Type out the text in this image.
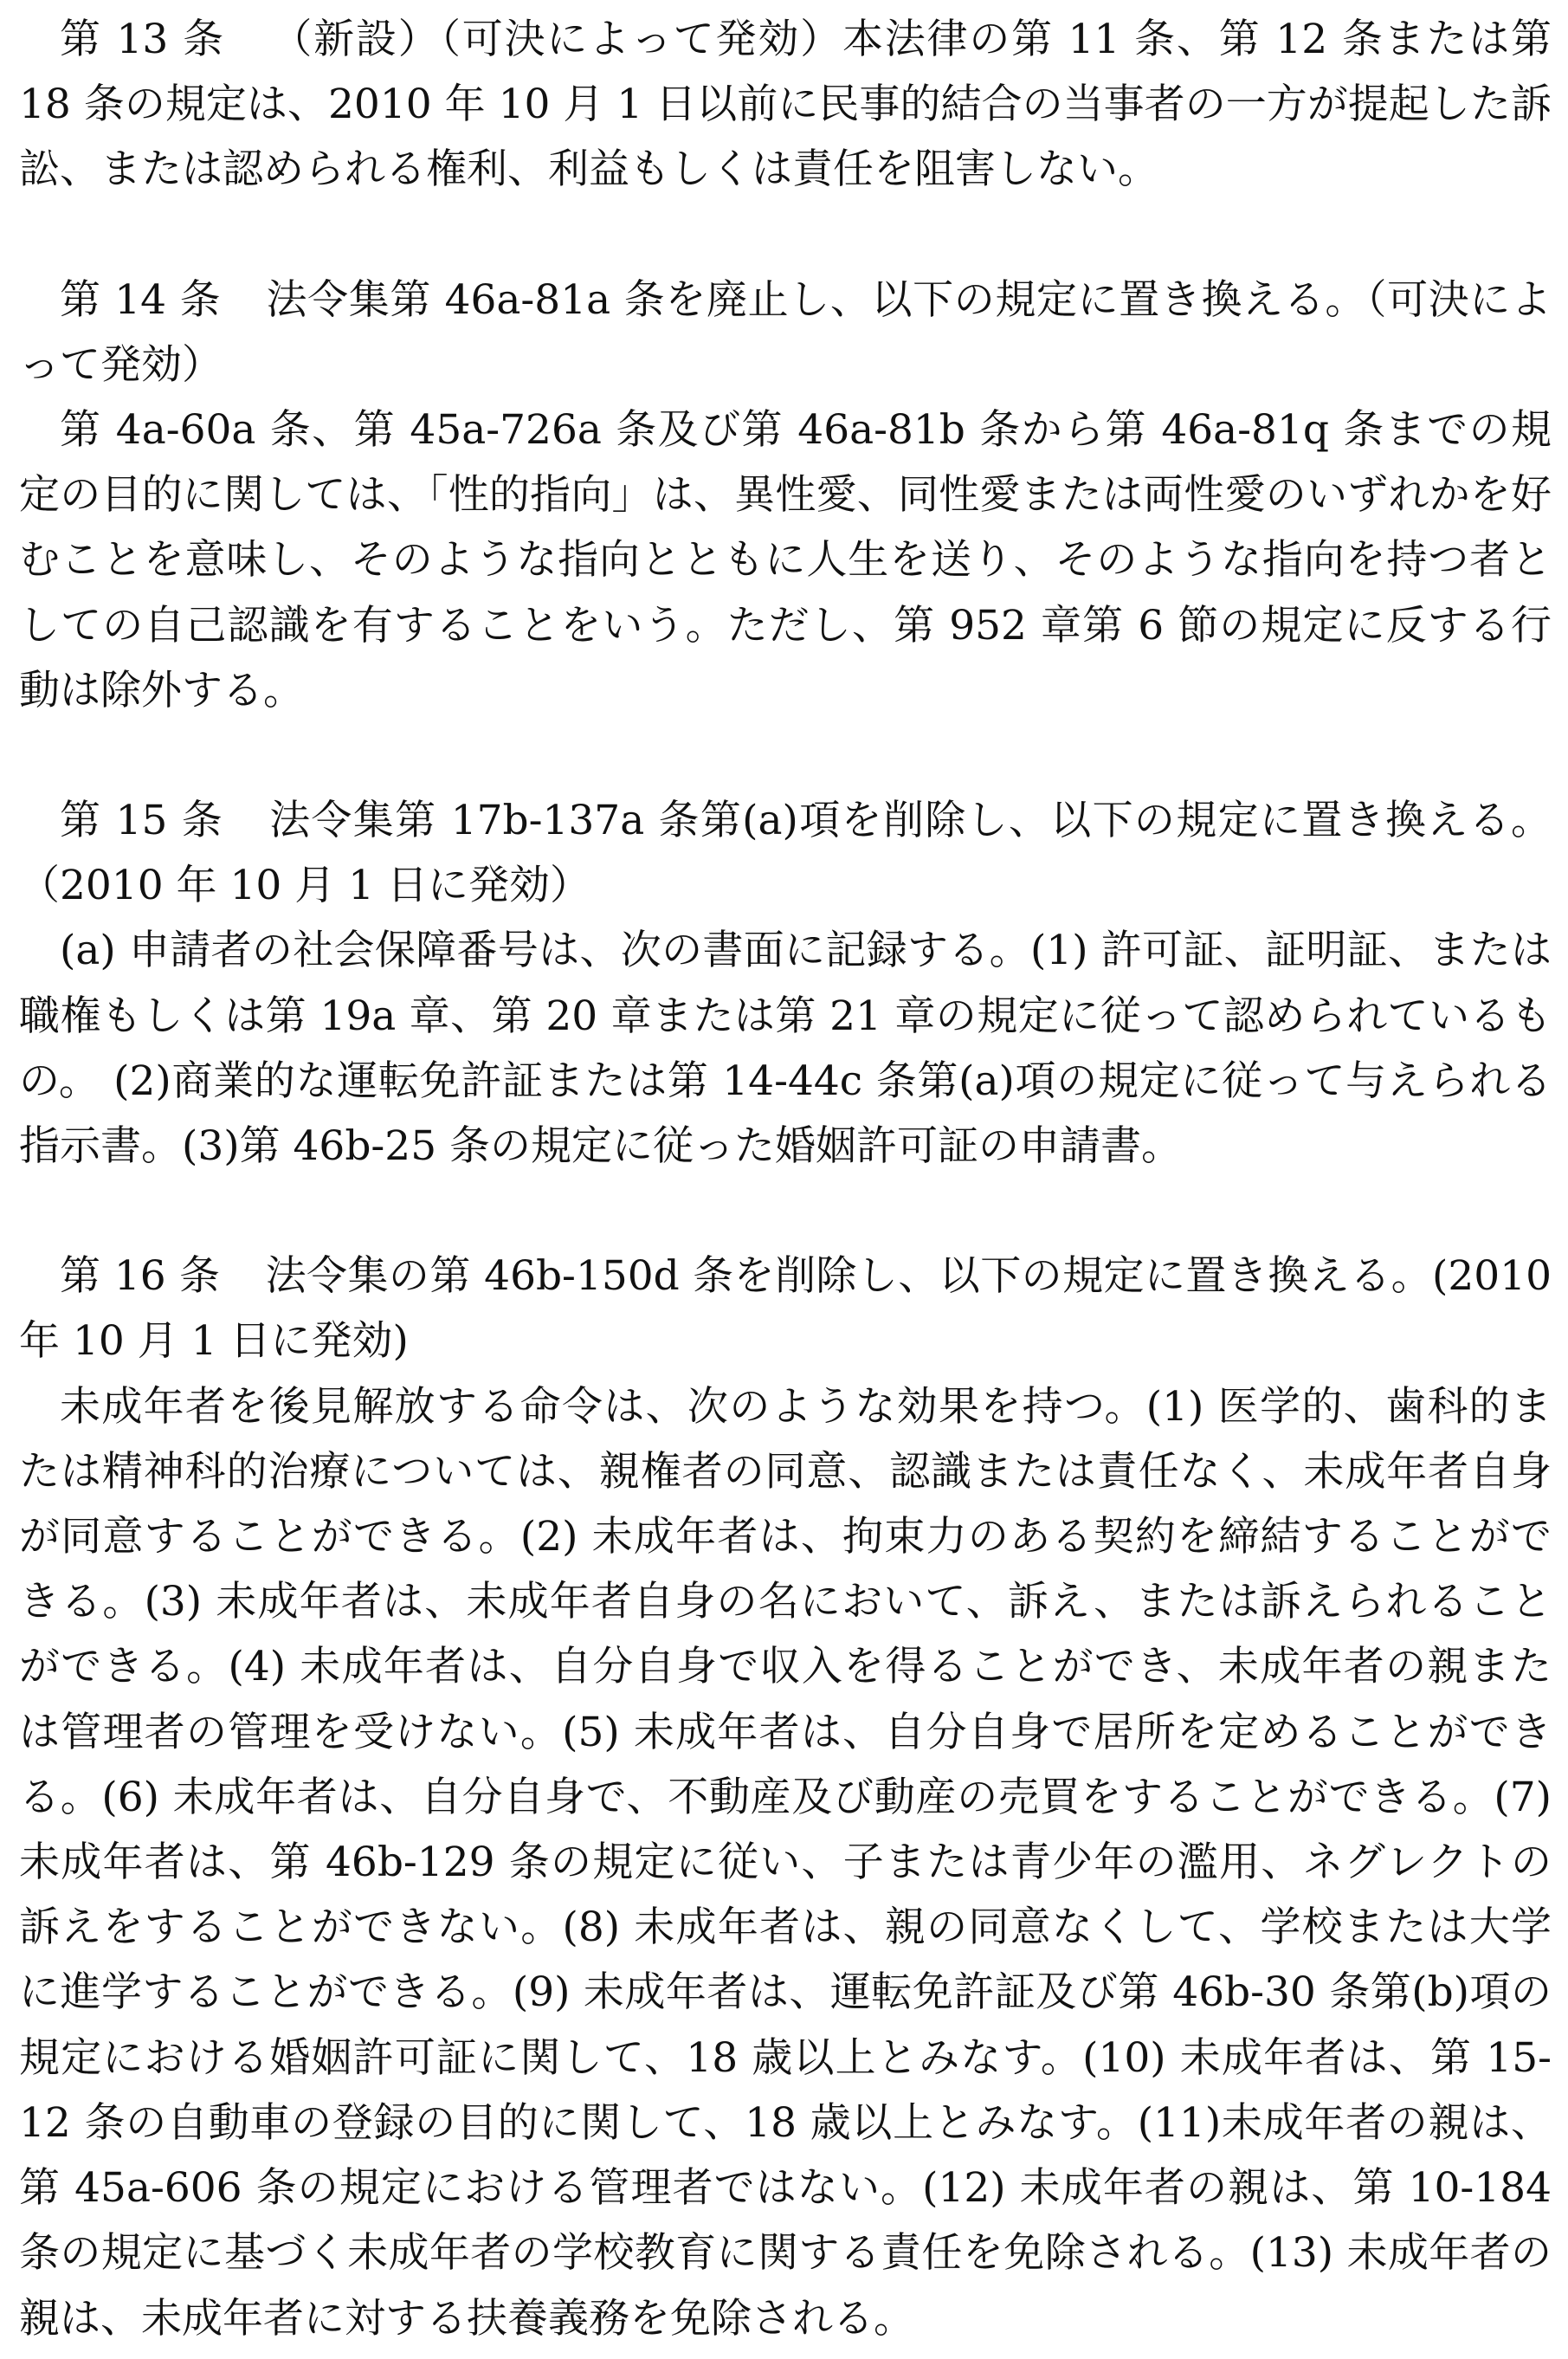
第 13 条 （新設）（可決によって発効）本法律の第 11 条、第 12 条または第 18 条の規定は、2010 年 10 月 1 日以前に民事的結合の当事者の一方が提起した訴訟、または認められる権利、利益もしくは責任を阻害しない。

第 14 条 法令集第 46a-81a 条を廃止し、以下の規定に置き換える。（可決によって発効）

第 4a-60a 条、第 45a-726a 条及び第 46a-81b 条から第 46a-81q 条までの規定の目的に関しては、「性的指向」は、異性愛、同性愛または両性愛のいずれかを好むことを意味し、そのような指向とともに人生を送り、そのような指向を持つ者としての自己認識を有することをいう。ただし、第 952 章第 6 節の規定に反する行動は除外する。

第 15 条 法令集第 17b-137a 条第(a)項を削除し、以下の規定に置き換える。（2010 年 10 月 1 日に発効）

(a) 申請者の社会保障番号は、次の書面に記録する。(1) 許可証、証明証、または職権もしくは第 19a 章、第 20 章または第 21 章の規定に従って認められているもの。 (2)商業的な運転免許証または第 14-44c 条第(a)項の規定に従って与えられる指示書。(3)第 46b-25 条の規定に従った婚姻許可証の申請書。

第 16 条 法令集の第 46b-150d 条を削除し、以下の規定に置き換える。(2010 年 10 月 1 日に発効)

未成年者を後見解放する命令は、次のような効果を持つ。(1) 医学的、歯科的または精神科的治療については、親権者の同意、認識または責任なく、未成年者自身が同意することができる。(2) 未成年者は、拘束力のある契約を締結することができる。(3) 未成年者は、未成年者自身の名において、訴え、または訴えられることができる。(4) 未成年者は、自分自身で収入を得ることができ、未成年者の親または管理者の管理を受けない。(5) 未成年者は、自分自身で居所を定めることができる。(6) 未成年者は、自分自身で、不動産及び動産の売買をすることができる。(7) 未成年者は、第 46b-129 条の規定に従い、子または青少年の濫用、ネグレクトの訴えをすることができない。(8) 未成年者は、親の同意なくして、学校または大学に進学することができる。(9) 未成年者は、運転免許証及び第 46b-30 条第(b)項の規定における婚姻許可証に関して、18 歳以上とみなす。(10) 未成年者は、第 15-12 条の自動車の登録の目的に関して、18 歳以上とみなす。(11)未成年者の親は、第 45a-606 条の規定における管理者ではない。(12) 未成年者の親は、第 10-184 条の規定に基づく未成年者の学校教育に関する責任を免除される。(13) 未成年者の親は、未成年者に対する扶養義務を免除される。
